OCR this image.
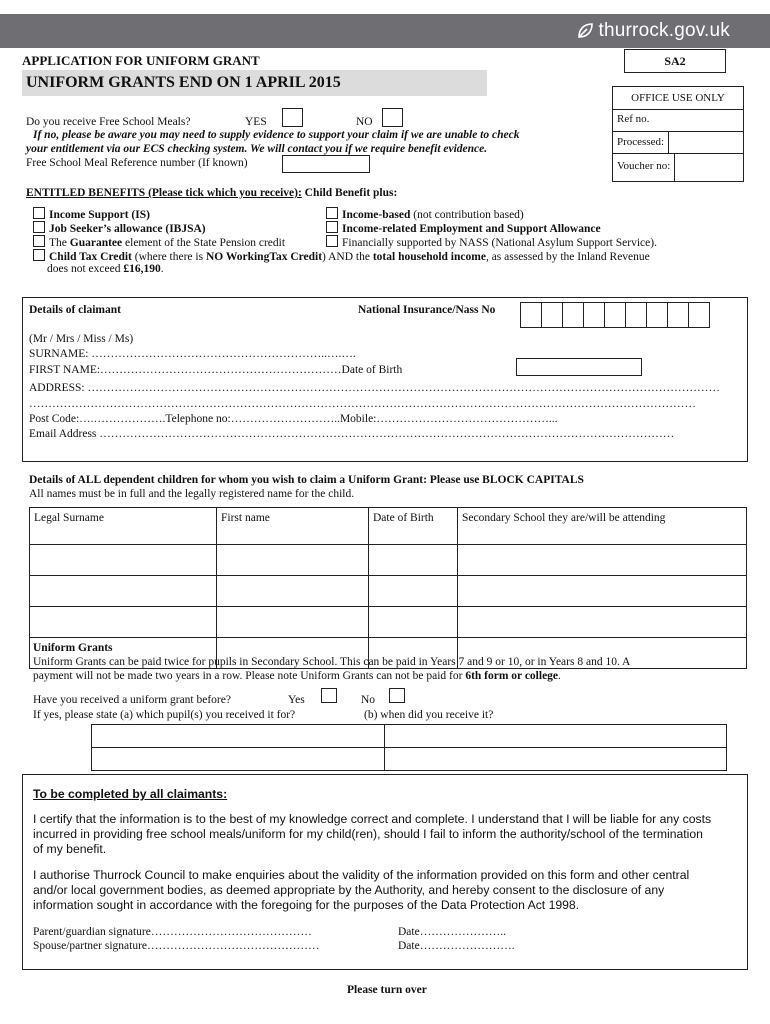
thurrock.gov.uk
APPLICATION FOR UNIFORM GRANT	SA2
UNIFORM GRANTS END ON 1 APRIL 2015
OFFICE USE ONLY
Ref no.
Processed:
Voucher no:
Do you receive Free School Meals?	YES	NO
If no, please be aware you may need to supply evidence to support your claim if we are unable to check
your entitlement via our ECS checking system. We will contact you if we require benefit evidence.
Free School Meal Reference number (If known)
ENTITLED BENEFITS (Please tick which you receive): Child Benefit plus:
Income Support (IS)
Job Seeker’s allowance (IBJSA)
The Guarantee element of the State Pension credit
Income-based (not contribution based)
Income-related Employment and Support Allowance
Financially supported by NASS (National Asylum Support Service).
Child Tax Credit (where there is NO WorkingTax Credit) AND the total household income, as assessed by the Inland Revenue
does not exceed £16,190.
Details of claimant	National Insurance/Nass No
(Mr / Mrs / Miss / Ms)
SURNAME: ……………………………………………………..….….
FIRST NAME:………………………………………………………Date of Birth
ADDRESS: …………………………………………………………………………………………………………………………………………………
…………………………………………………………………………………………………………………………………………………………
Post Code:….……………….Telephone no:………………………..Mobile:………………………………………...
Email Address ……………………………………………………………………………………………………………………………………
Details of ALL dependent children for whom you wish to claim a Uniform Grant: Please use BLOCK CAPITALS
All names must be in full and the legally registered name for the child.
Legal Surname	First name	Date of Birth	Secondary School they are/will be attending

Uniform Grants
Uniform Grants can be paid twice for pupils in Secondary School. This can be paid in Years 7 and 9 or 10, or in Years 8 and 10. A
payment will not be made two years in a row. Please note Uniform Grants can not be paid for 6th form or college.
Have you received a uniform grant before?	Yes	No
If yes, please state (a) which pupil(s) you received it for?	(b) when did you receive it?

To be completed by all claimants:
I certify that the information is to the best of my knowledge correct and complete. I understand that I will be liable for any costs incurred in providing free school meals/uniform for my child(ren), should I fail to inform the authority/school of the termination of my benefit.
I authorise Thurrock Council to make enquiries about the validity of the information provided on this form and other central and/or local government bodies, as deemed appropriate by the Authority, and hereby consent to the disclosure of any information sought in accordance with the foregoing for the purposes of the Data Protection Act 1998.
Parent/guardian signature……………………………………
Spouse/partner signature………………………………………
Date…………………..
Date…………………….
Please turn over
